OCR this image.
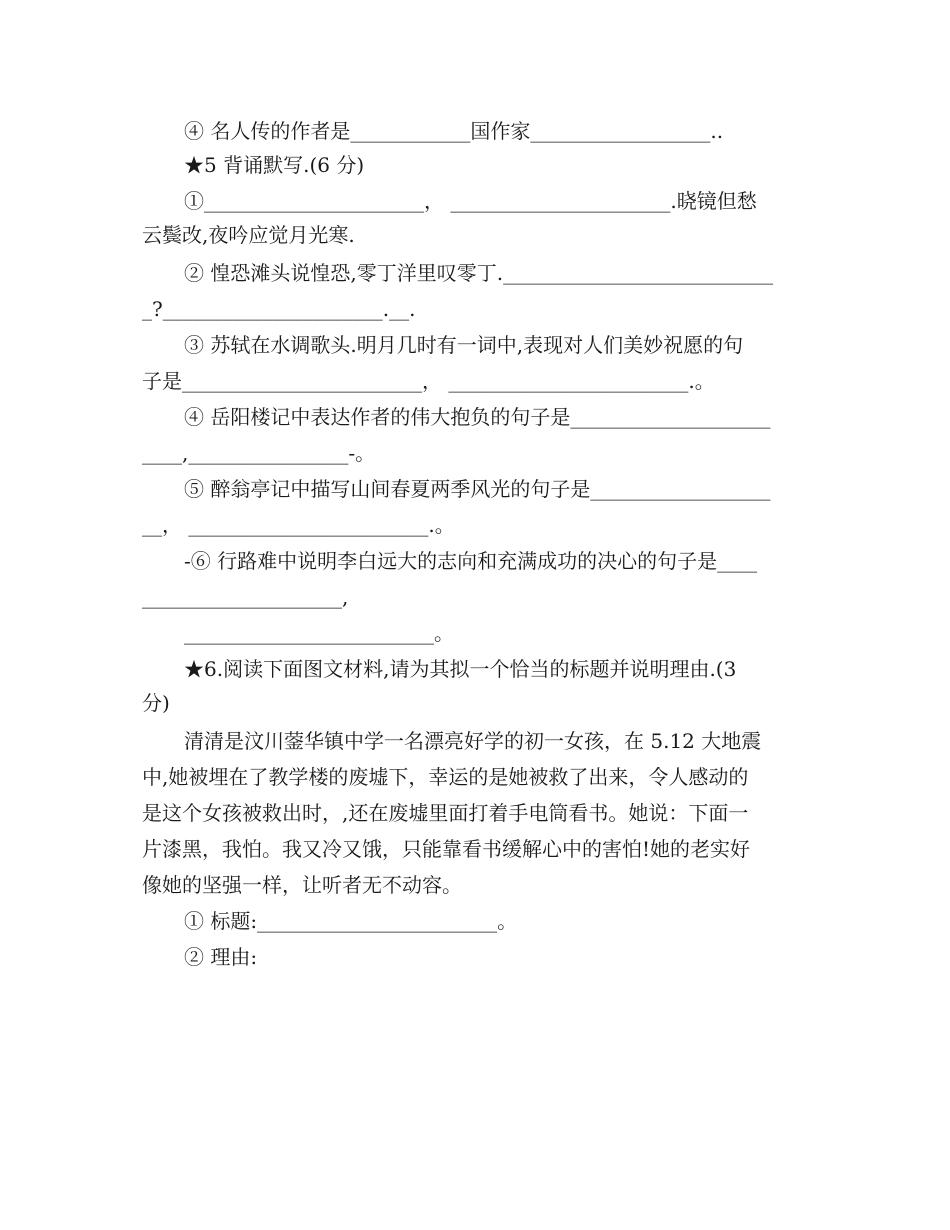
④ 名人传的作者是____________国作家__________________..
★5 背诵默写.(6 分)
①______________________， ______________________.晓镜但愁
云鬓改,夜吟应觉月光寒.
② 惶恐滩头说惶恐,零丁洋里叹零丁.___________________________
_?______________________.__.
③ 苏轼在水调歌头.明月几时有一词中,表现对人们美妙祝愿的句
子是________________________， ________________________.。
④ 岳阳楼记中表达作者的伟大抱负的句子是____________________
____,________________-。
⑤ 醉翁亭记中描写山间春夏两季风光的句子是__________________
__， ________________________.。
-⑥ 行路难中说明李白远大的志向和充满成功的决心的句子是____
____________________,
_________________________。
★6.阅读下面图文材料,请为其拟一个恰当的标题并说明理由.(3
分)
清清是汶川蓥华镇中学一名漂亮好学的初一女孩，在 5.12 大地震
中,她被埋在了教学楼的废墟下，幸运的是她被救了出来，令人感动的
是这个女孩被救出时，,还在废墟里面打着手电筒看书。她说：下面一
片漆黑，我怕。我又冷又饿，只能靠看书缓解心中的害怕!她的老实好
像她的坚强一样，让听者无不动容。
① 标题:________________________。
② 理由:
